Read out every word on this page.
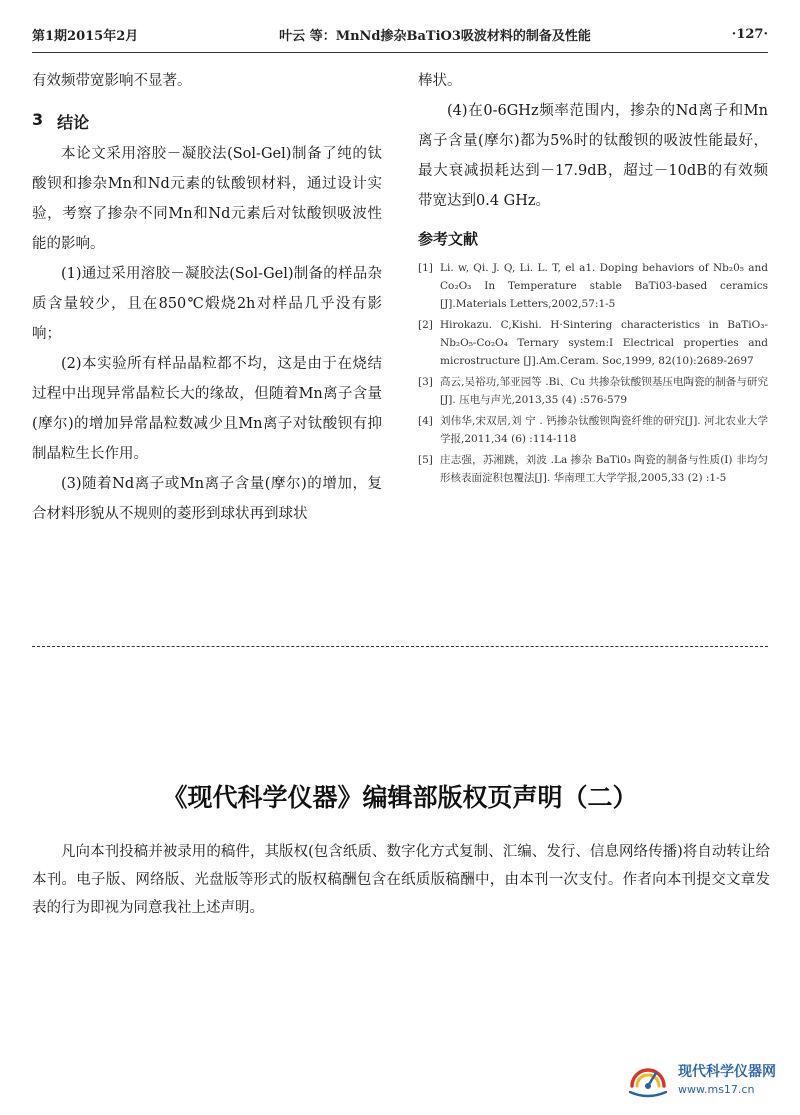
第1期2015年2月	叶云 等：MnNd掺杂BaTiO3吸波材料的制备及性能	·127·

有效频带宽影响不显著。

3 结论

本论文采用溶胶－凝胶法(Sol-Gel)制备了纯的钛酸钡和掺杂Mn和Nd元素的钛酸钡材料，通过设计实验，考察了掺杂不同Mn和Nd元素后对钛酸钡吸波性能的影响。

(1)通过采用溶胶－凝胶法(Sol-Gel)制备的样品杂质含量较少，且在850℃煅烧2h对样品几乎没有影响；

(2)本实验所有样品晶粒都不均，这是由于在烧结过程中出现异常晶粒长大的缘故，但随着Mn离子含量(摩尔)的增加异常晶粒数减少且Mn离子对钛酸钡有抑制晶粒生长作用。

(3)随着Nd离子或Mn离子含量(摩尔)的增加，复合材料形貌从不规则的菱形到球状再到球状

棒状。

(4)在0-6GHz频率范围内，掺杂的Nd离子和Mn离子含量(摩尔)都为5%时的钛酸钡的吸波性能最好，最大衰减损耗达到－17.9dB，超过－10dB的有效频带宽达到0.4 GHz。

参考文献
[1] Li. w, Qi. J. Q, Li. L. T, el a1. Doping behaviors of Nb₂0₅ and Co₂O₃ In Temperature stable BaTi03-based ceramics [J].Materials Letters,2002,57:1-5
[2] Hirokazu. C,Kishi. H·Sintering characteristics in BaTiO₃-Nb₂O₅-Co₂O₄ Ternary system:I Electrical properties and microstructure [J].Am.Ceram. Soc,1999, 82(10):2689-2697
[3] 高云,吴裕功,邹亚园等 .Bi、Cu 共掺杂钛酸钡基压电陶瓷的制备与研究[J]. 压电与声光,2013,35 (4) :576-579
[4] 刘伟华,宋双居,刘 宁 . 钙掺杂钛酸钡陶瓷纤维的研究[J]. 河北农业大学学报,2011,34 (6) :114-118
[5] 庄志强，苏湘跳，刘波 .La 掺杂 BaTi0₃ 陶瓷的制备与性质(I) 非均匀形核表面淀积包覆法[J]. 华南理工大学学报,2005,33 (2) :1-5
《现代科学仪器》编辑部版权页声明（二）

凡向本刊投稿并被录用的稿件，其版权(包含纸质、数字化方式复制、汇编、发行、信息网络传播)将自动转让给本刊。电子版、网络版、光盘版等形式的版权稿酬包含在纸质版稿酬中，由本刊一次支付。作者向本刊提交文章发表的行为即视为同意我社上述声明。

现代科学仪器网
www.ms17.cn
